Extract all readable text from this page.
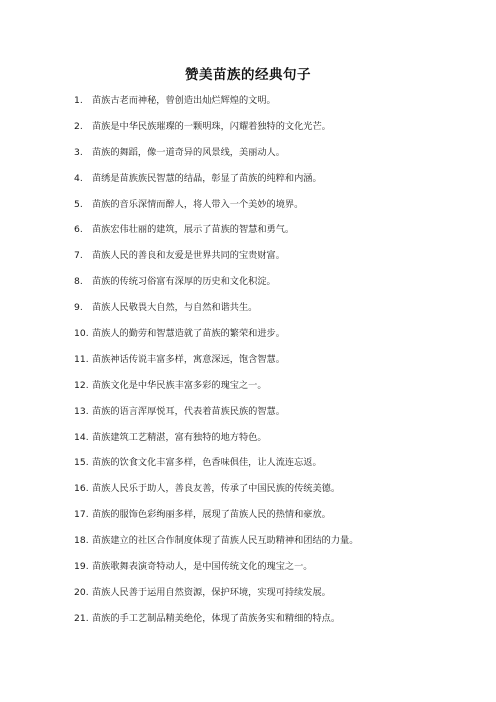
赞美苗族的经典句子
1. 苗族古老而神秘，曾创造出灿烂辉煌的文明。
2. 苗族是中华民族璀璨的一颗明珠，闪耀着独特的文化光芒。
3. 苗族的舞蹈，像一道奇异的风景线，美丽动人。
4. 苗绣是苗族族民智慧的结晶，彰显了苗族的纯粹和内涵。
5. 苗族的音乐深情而醉人，将人带入一个美妙的境界。
6. 苗族宏伟壮丽的建筑，展示了苗族的智慧和勇气。
7. 苗族人民的善良和友爱是世界共同的宝贵财富。
8. 苗族的传统习俗富有深厚的历史和文化积淀。
9. 苗族人民敬畏大自然，与自然和谐共生。
10. 苗族人的勤劳和智慧造就了苗族的繁荣和进步。
11. 苗族神话传说丰富多样，寓意深远，饱含智慧。
12. 苗族文化是中华民族丰富多彩的瑰宝之一。
13. 苗族的语言浑厚悦耳，代表着苗族民族的智慧。
14. 苗族建筑工艺精湛，富有独特的地方特色。
15. 苗族的饮食文化丰富多样，色香味俱佳，让人流连忘返。
16. 苗族人民乐于助人，善良友善，传承了中国民族的传统美德。
17. 苗族的服饰色彩绚丽多样，展现了苗族人民的热情和豪放。
18. 苗族建立的社区合作制度体现了苗族人民互助精神和团结的力量。
19. 苗族歌舞表演奇特动人，是中国传统文化的瑰宝之一。
20. 苗族人民善于运用自然资源，保护环境，实现可持续发展。
21. 苗族的手工艺制品精美绝伦，体现了苗族务实和精细的特点。
